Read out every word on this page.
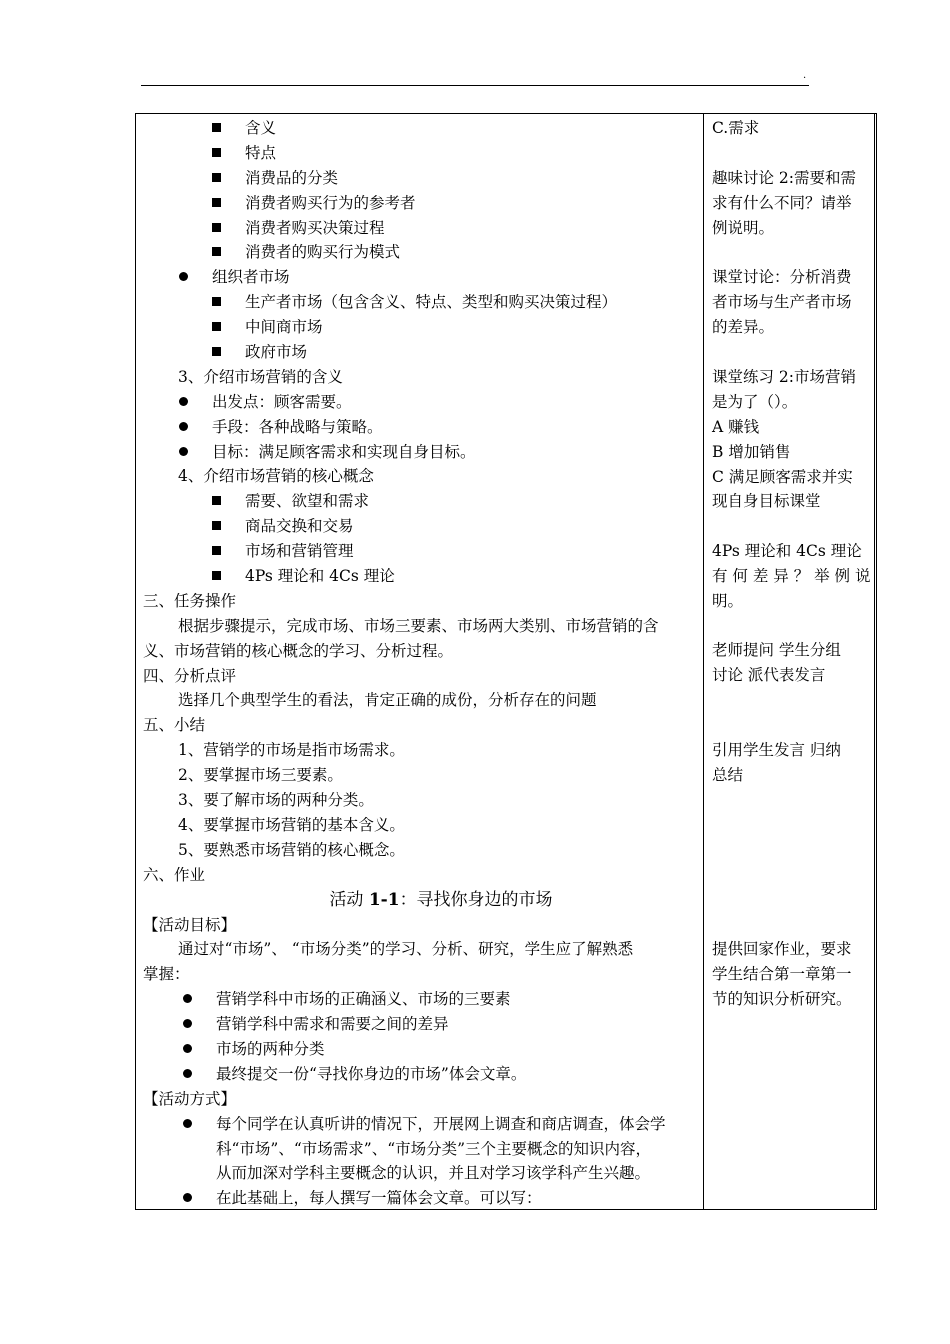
.
含义
特点
消费品的分类
消费者购买行为的参考者
消费者购买决策过程
消费者的购买行为模式
组织者市场
生产者市场（包含含义、特点、类型和购买决策过程）
中间商市场
政府市场
3、介绍市场营销的含义
出发点：顾客需要。
手段：各种战略与策略。
目标：满足顾客需求和实现自身目标。
4、介绍市场营销的核心概念
需要、欲望和需求
商品交换和交易
市场和营销管理
4Ps 理论和 4Cs 理论
三、任务操作
根据步骤提示，完成市场、市场三要素、市场两大类别、市场营销的含
义、市场营销的核心概念的学习、分析过程。
四、分析点评
选择几个典型学生的看法，肯定正确的成份，分析存在的问题
五、小结
1、营销学的市场是指市场需求。
2、要掌握市场三要素。
3、要了解市场的两种分类。
4、要掌握市场营销的基本含义。
5、要熟悉市场营销的核心概念。
六、作业
活动 1-1：寻找你身边的市场
【活动目标】
通过对“市场”、 “市场分类”的学习、分析、研究，学生应了解熟悉
掌握：
营销学科中市场的正确涵义、市场的三要素
营销学科中需求和需要之间的差异
市场的两种分类
最终提交一份“寻找你身边的市场”体会文章。
【活动方式】
每个同学在认真听讲的情况下，开展网上调查和商店调查，体会学
科“市场”、“市场需求”、“市场分类”三个主要概念的知识内容，
从而加深对学科主要概念的认识，并且对学习该学科产生兴趣。
在此基础上，每人撰写一篇体会文章。可以写：
C.需求
趣味讨论 2:需要和需
求有什么不同？请举
例说明。
课堂讨论：分析消费
者市场与生产者市场
的差异。
课堂练习 2:市场营销
是为了（）。
A 赚钱
B 增加销售
C 满足顾客需求并实
现自身目标课堂
4Ps 理论和 4Cs 理论
有 何 差 异 ？ 举 例 说
明。
老师提问 学生分组
讨论 派代表发言
引用学生发言 归纳
总结
提供回家作业，要求
学生结合第一章第一
节的知识分析研究。
